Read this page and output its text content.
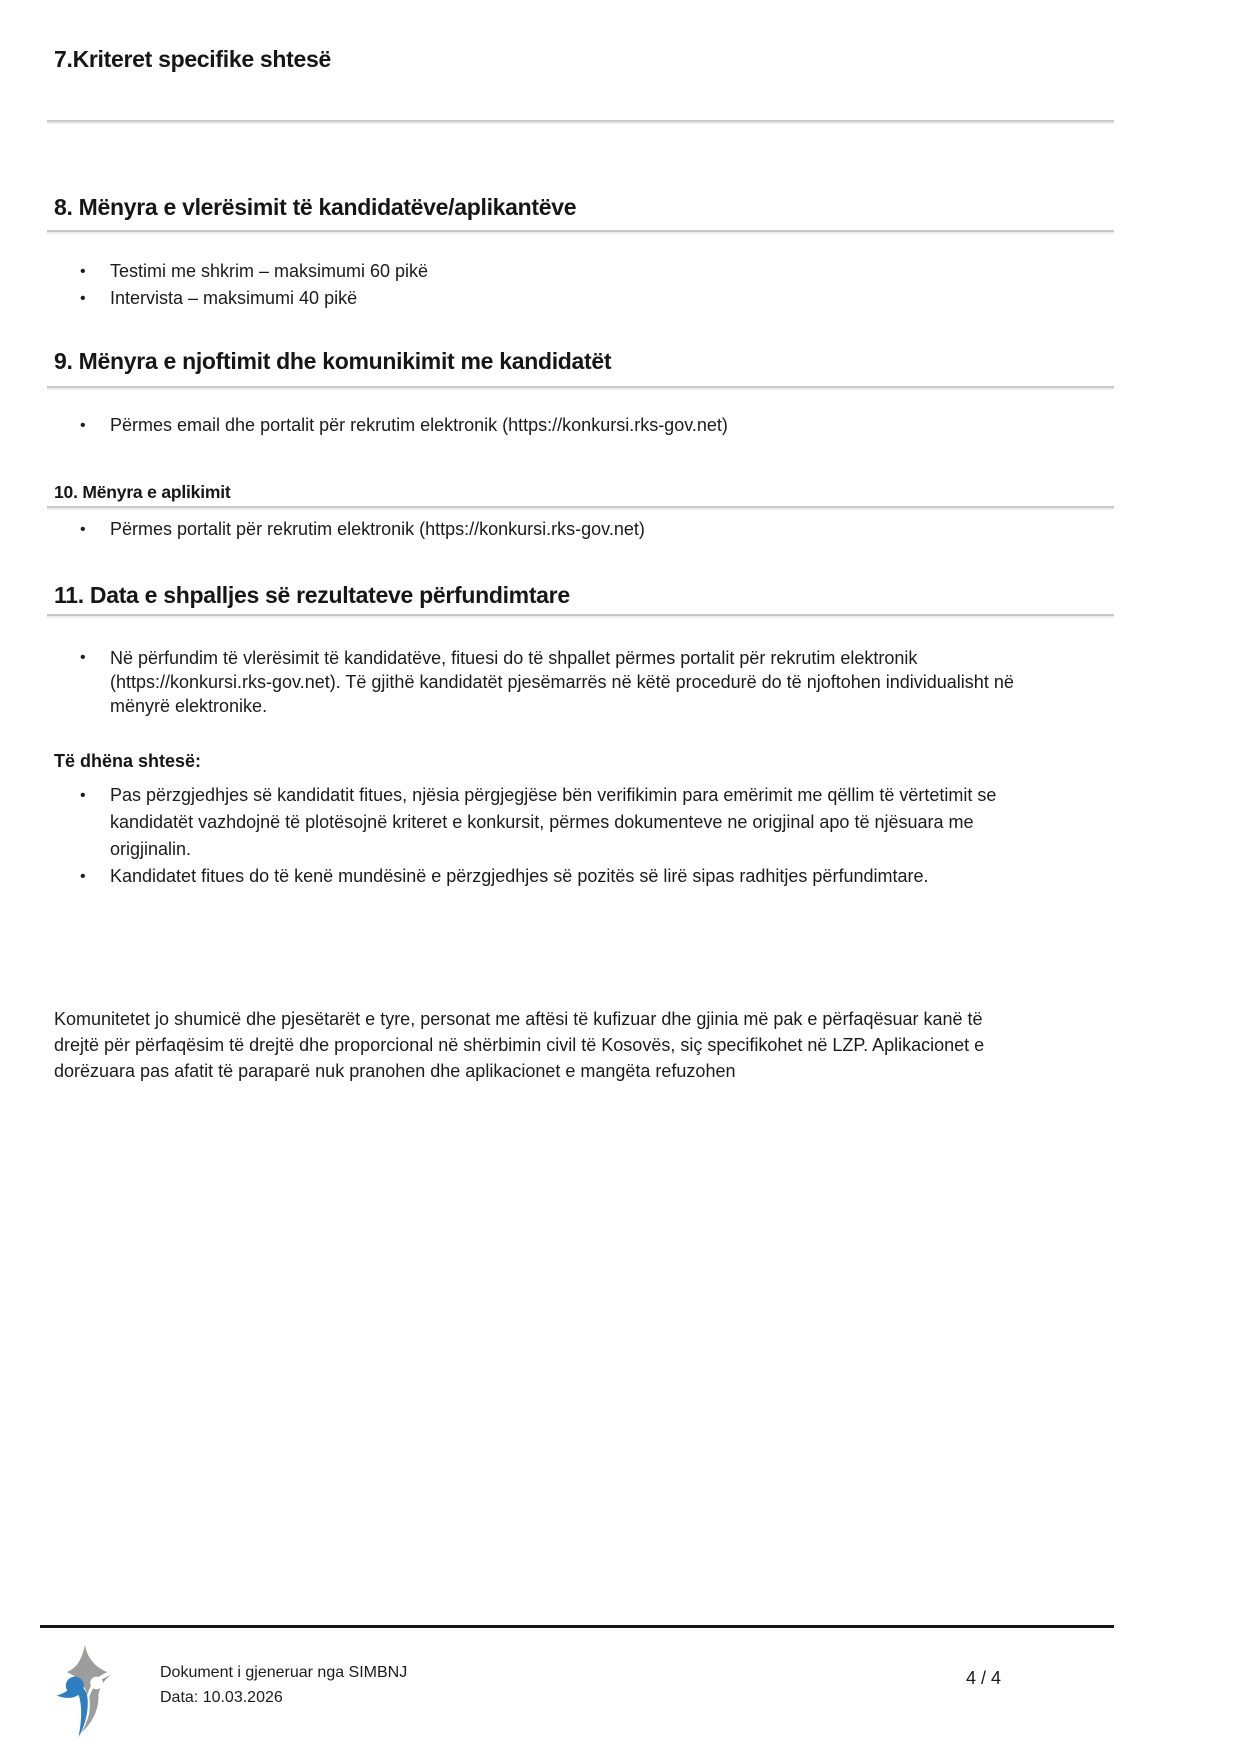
7.Kriteret specifike shtesë
8. Mënyra e vlerësimit të kandidatëve/aplikantëve
• Testimi me shkrim – maksimumi 60 pikë
• Intervista – maksimumi 40 pikë
9. Mënyra e njoftimit dhe komunikimit me kandidatët
• Përmes email dhe portalit për rekrutim elektronik (https://konkursi.rks-gov.net)
10. Mënyra e aplikimit
• Përmes portalit për rekrutim elektronik (https://konkursi.rks-gov.net)
11. Data e shpalljes së rezultateve përfundimtare
• Në përfundim të vlerësimit të kandidatëve, fituesi do të shpallet përmes portalit për rekrutim elektronik (https://konkursi.rks-gov.net). Të gjithë kandidatët pjesëmarrës në këtë procedurë do të njoftohen individualisht në mënyrë elektronike.
Të dhëna shtesë:
• Pas përzgjedhjes së kandidatit fitues, njësia përgjegjëse bën verifikimin para emërimit me qëllim të vërtetimit se kandidatët vazhdojnë të plotësojnë kriteret e konkursit, përmes dokumenteve ne origjinal apo të njësuara me origjinalin.
• Kandidatet fitues do të kenë mundësinë e përzgjedhjes së pozitës së lirë sipas radhitjes përfundimtare.

Komunitetet jo shumicë dhe pjesëtarët e tyre, personat me aftësi të kufizuar dhe gjinia më pak e përfaqësuar kanë të drejtë për përfaqësim të drejtë dhe proporcional në shërbimin civil të Kosovës, siç specifikohet në LZP. Aplikacionet e dorëzuara pas afatit të paraparë nuk pranohen dhe aplikacionet e mangëta refuzohen

Dokument i gjeneruar nga SIMBNJ
Data: 10.03.2026
4 / 4
